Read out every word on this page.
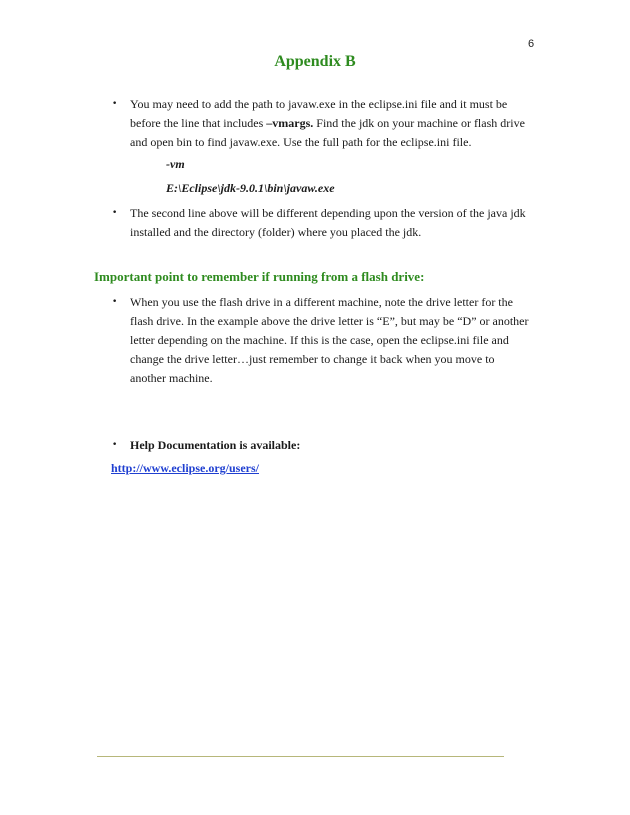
6
Appendix B
• You may need to add the path to javaw.exe in the eclipse.ini file and it must be before the line that includes –vmargs. Find the jdk on your machine or flash drive and open bin to find javaw.exe. Use the full path for the eclipse.ini file.
-vm
E:\Eclipse\jdk-9.0.1\bin\javaw.exe
• The second line above will be different depending upon the version of the java jdk installed and the directory (folder) where you placed the jdk.
Important point to remember if running from a flash drive:
• When you use the flash drive in a different machine, note the drive letter for the flash drive. In the example above the drive letter is “E”, but may be “D” or another letter depending on the machine. If this is the case, open the eclipse.ini file and change the drive letter…just remember to change it back when you move to another machine.
• Help Documentation is available:
http://www.eclipse.org/users/
